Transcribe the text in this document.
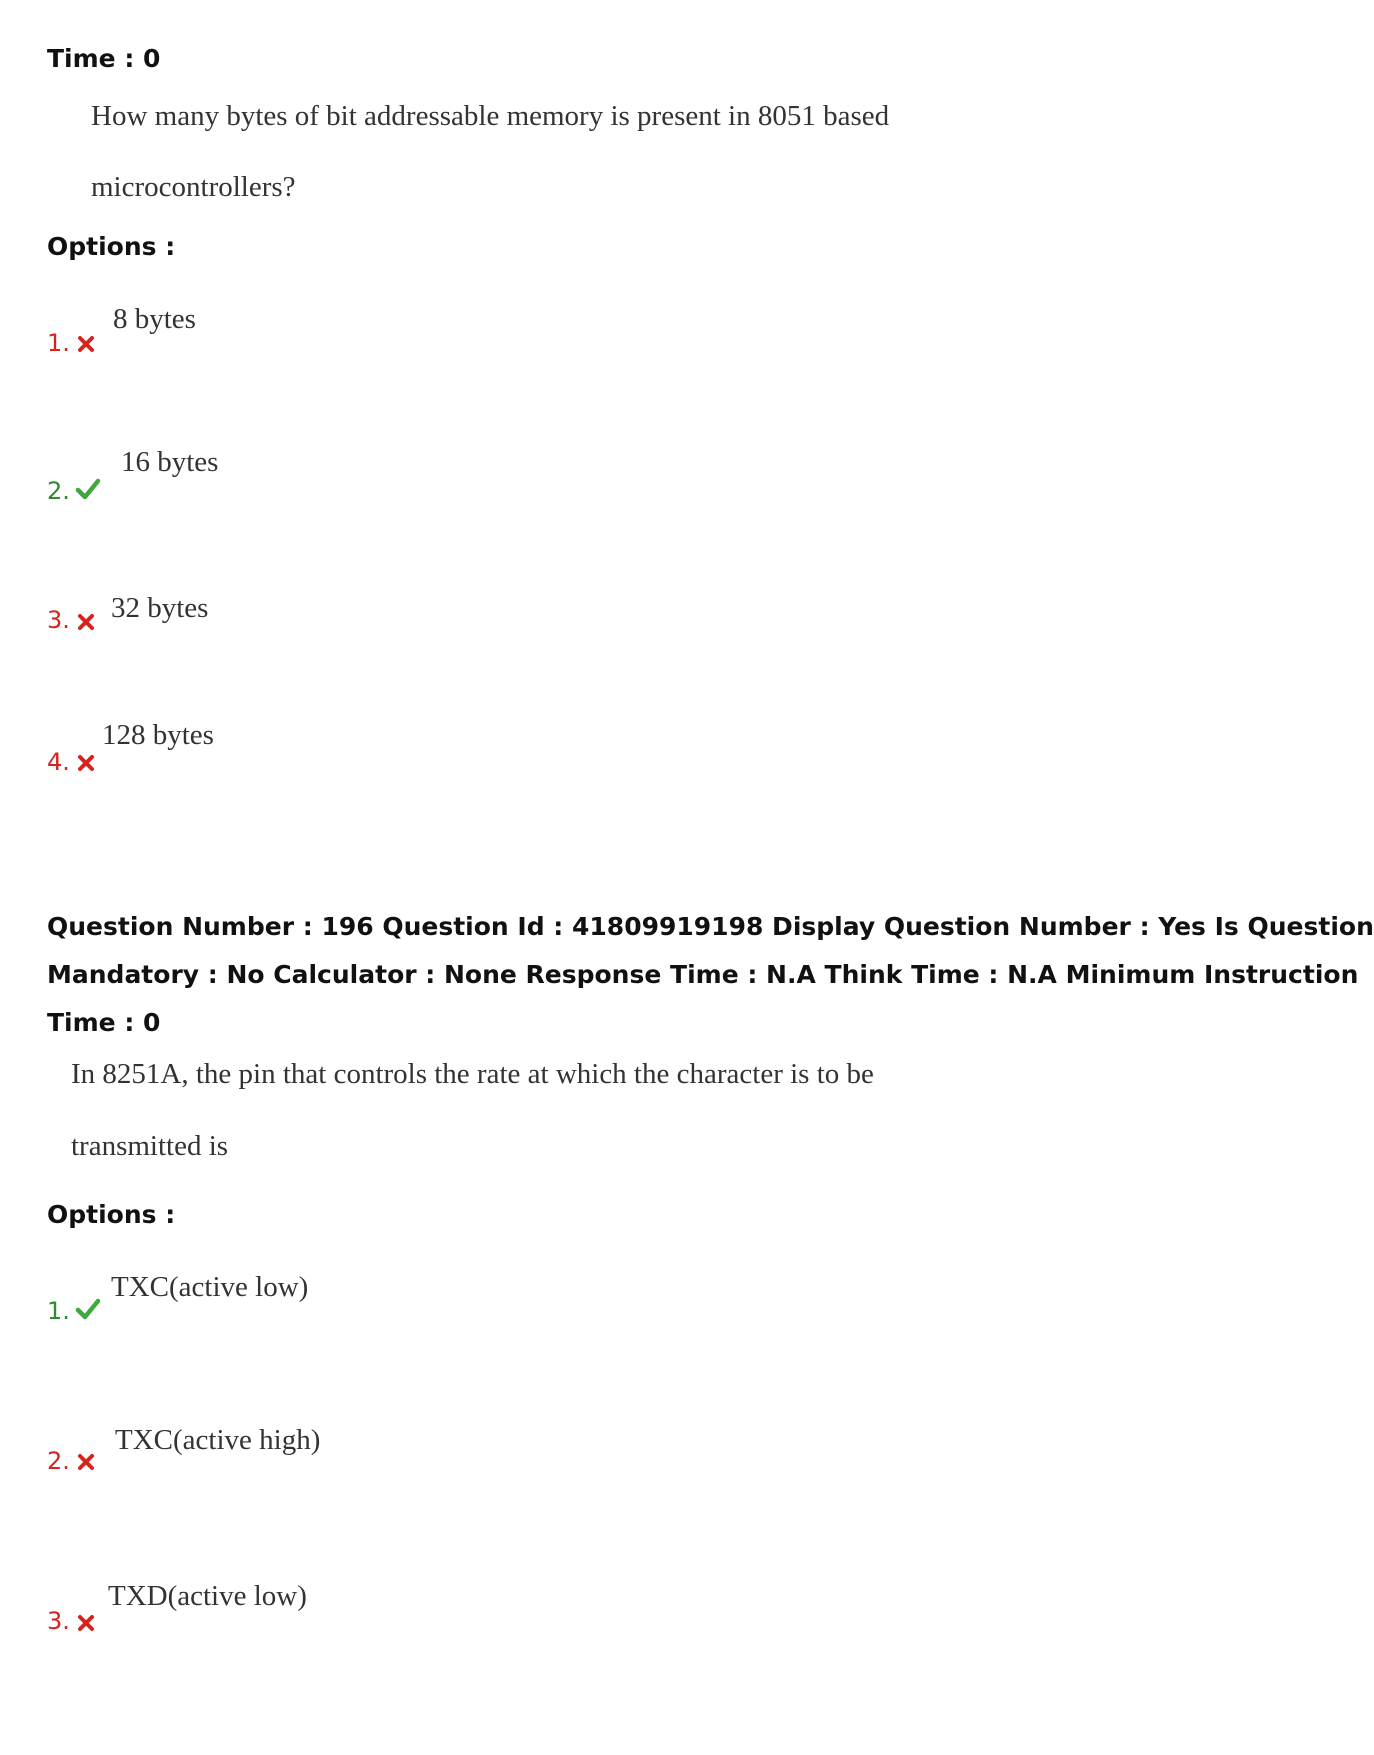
Time : 0
How many bytes of bit addressable memory is present in 8051 based
microcontrollers?
Options :
1.
8 bytes
2.
16 bytes
3. 32 bytes
4.
128 bytes
Question Number : 196 Question Id : 41809919198 Display Question Number : Yes Is Question
Mandatory : No Calculator : None Response Time : N.A Think Time : N.A Minimum Instruction
Time : 0
In 8251A, the pin that controls the rate at which the character is to be
transmitted is
Options :
1.
TXC(active low)
2.
TXC(active high)
3.
TXD(active low)
